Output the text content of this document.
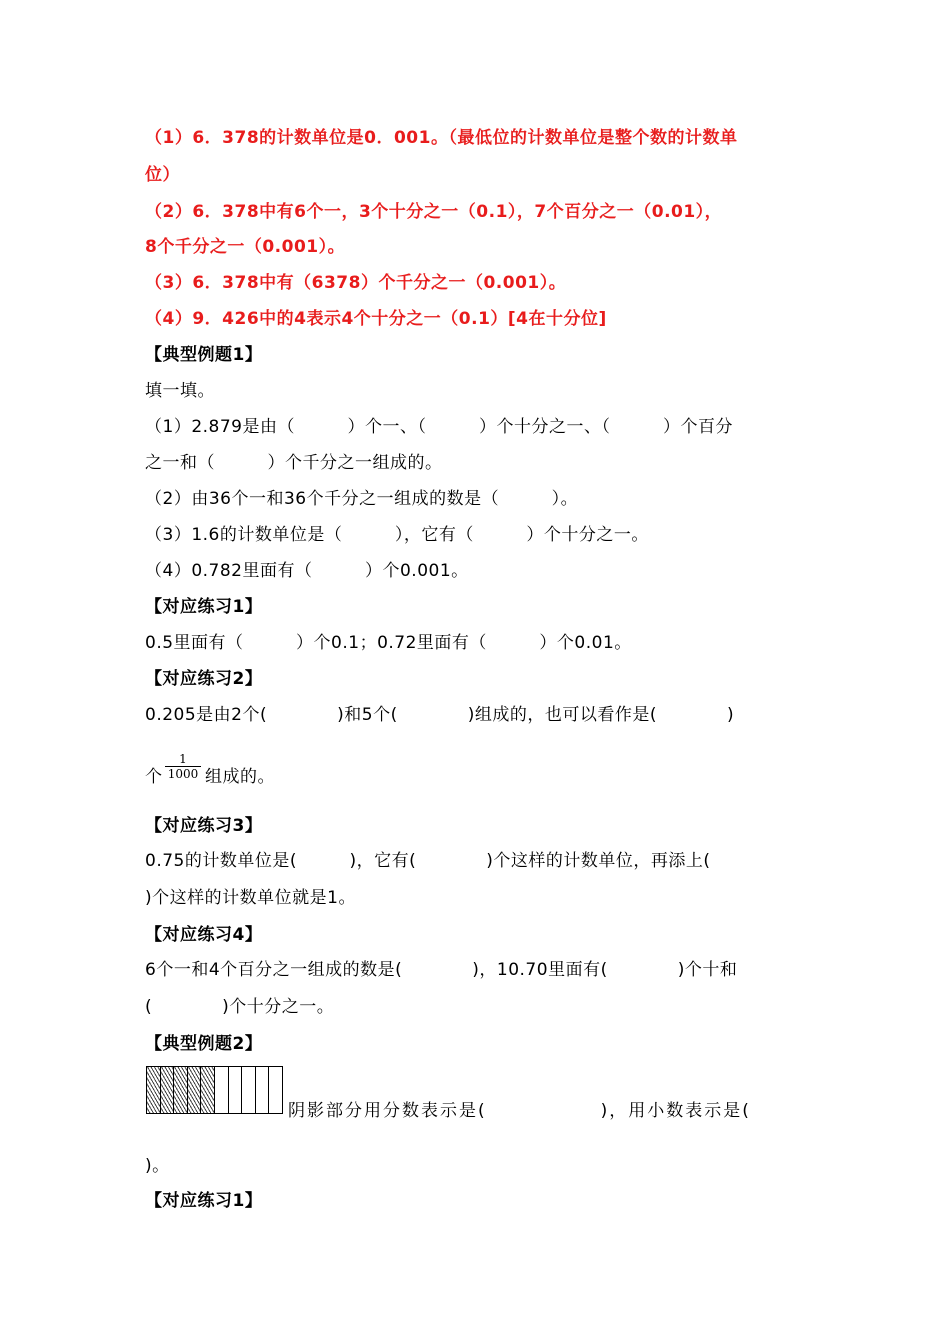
（1）6．378的计数单位是0．001。（最低位的计数单位是整个数的计数单
位）
（2）6．378中有6个一，3个十分之一（0.1），7个百分之一（0.01），
8个千分之一（0.001）。
（3）6．378中有（6378）个千分之一（0.001）。
（4）9．426中的4表示4个十分之一（0.1）[4在十分位]
【典型例题1】
填一填。
（1）2.879是由（　　　）个一、（　　　）个十分之一、（　　　）个百分
之一和（　　　）个千分之一组成的。
（2）由36个一和36个千分之一组成的数是（　　　）。
（3）1.6的计数单位是（　　　），它有（　　　）个十分之一。
（4）0.782里面有（　　　）个0.001。
【对应练习1】
0.5里面有（　　　）个0.1；0.72里面有（　　　）个0.01。
【对应练习2】
0.205是由2个(　　　　)和5个(　　　　)组成的，也可以看作是(　　　　)
个 $\frac{1}{1000}$ 组成的。
【对应练习3】
0.75的计数单位是(　　　)，它有(　　　　)个这样的计数单位，再添上(
)个这样的计数单位就是1。
【对应练习4】
6个一和4个百分之一组成的数是(　　　　)，10.70里面有(　　　　)个十和
(　　　　)个十分之一。
【典型例题2】
阴影部分用分数表示是(　　　　　　)，用小数表示是(
)。
【对应练习1】
